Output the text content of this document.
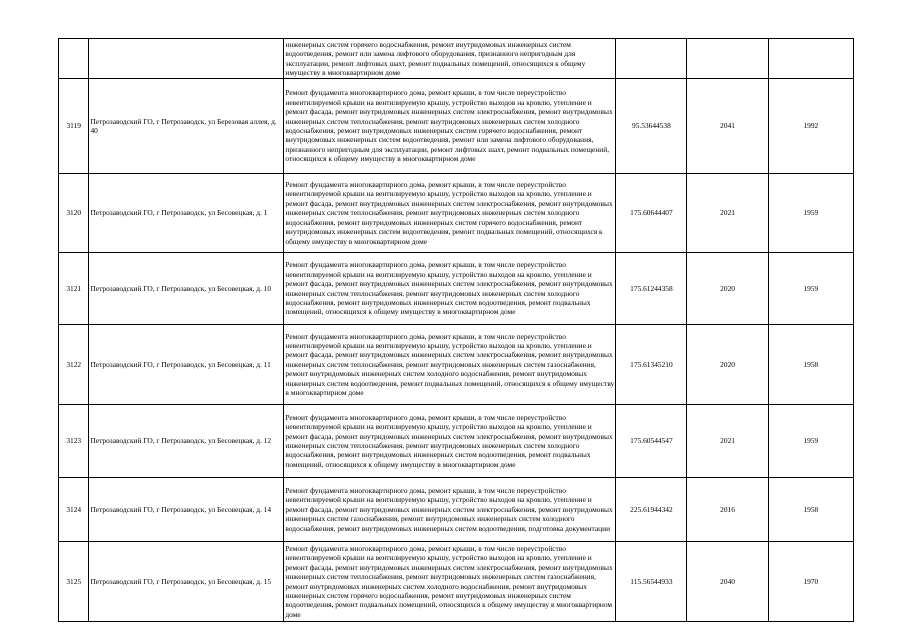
		инженерных систем горячего водоснабжения, ремонт внутридомовых инженерных систем водоотведения, ремонт или замена лифтового оборудования, признанного непригодным для эксплуатации, ремонт лифтовых шахт, ремонт подвальных помещений, относящихся к общему имуществу в многоквартирном доме			
3119	Петрозаводский ГО, г Петрозаводск, ул Березовая аллея, д. 40	Ремонт фундамента многоквартирного дома, ремонт крыши, в том числе переустройство невентилируемой крыши на вентилируемую крышу, устройство выходов на кровлю, утепление и ремонт фасада, ремонт внутридомовых инженерных систем электроснабжения, ремонт внутридомовых инженерных систем теплоснабжения, ремонт внутридомовых инженерных систем холодного водоснабжения, ремонт внутридомовых инженерных систем горячего водоснабжения, ремонт внутридомовых инженерных систем водоотведения, ремонт или замена лифтового оборудования, признанного непригодным для эксплуатации, ремонт лифтовых шахт, ремонт подвальных помещений, относящихся к общему имуществу в многоквартирном доме	95.53644538	2041	1992
3120	Петрозаводский ГО, г Петрозаводск, ул Бесовецкая, д. 1	Ремонт фундамента многоквартирного дома, ремонт крыши, в том числе переустройство невентилируемой крыши на вентилируемую крышу, устройство выходов на кровлю, утепление и ремонт фасада, ремонт внутридомовых инженерных систем электроснабжения, ремонт внутридомовых инженерных систем теплоснабжения, ремонт внутридомовых инженерных систем холодного водоснабжения, ремонт внутридомовых инженерных систем горячего водоснабжения, ремонт внутридомовых инженерных систем водоотведения, ремонт подвальных помещений, относящихся к общему имуществу в многоквартирном доме	175.60644407	2021	1959
3121	Петрозаводский ГО, г Петрозаводск, ул Бесовецкая, д. 10	Ремонт фундамента многоквартирного дома, ремонт крыши, в том числе переустройство невентилируемой крыши на вентилируемую крышу, устройство выходов на кровлю, утепление и ремонт фасада, ремонт внутридомовых инженерных систем электроснабжения, ремонт внутридомовых инженерных систем теплоснабжения, ремонт внутридомовых инженерных систем холодного водоснабжения, ремонт внутридомовых инженерных систем водоотведения, ремонт подвальных помещений, относящихся к общему имуществу в многоквартирном доме	175.61244358	2020	1959
3122	Петрозаводский ГО, г Петрозаводск, ул Бесовецкая, д. 11	Ремонт фундамента многоквартирного дома, ремонт крыши, в том числе переустройство невентилируемой крыши на вентилируемую крышу, устройство выходов на кровлю, утепление и ремонт фасада, ремонт внутридомовых инженерных систем электроснабжения, ремонт внутридомовых инженерных систем теплоснабжения, ремонт внутридомовых инженерных систем газоснабжения, ремонт внутридомовых инженерных систем холодного водоснабжения, ремонт внутридомовых инженерных систем водоотведения, ремонт подвальных помещений, относящихся к общему имуществу в многоквартирном доме	175.61345210	2020	1958
3123	Петрозаводский ГО, г Петрозаводск, ул Бесовецкая, д. 12	Ремонт фундамента многоквартирного дома, ремонт крыши, в том числе переустройство невентилируемой крыши на вентилируемую крышу, устройство выходов на кровлю, утепление и ремонт фасада, ремонт внутридомовых инженерных систем электроснабжения, ремонт внутридомовых инженерных систем теплоснабжения, ремонт внутридомовых инженерных систем холодного водоснабжения, ремонт внутридомовых инженерных систем водоотведения, ремонт подвальных помещений, относящихся к общему имуществу в многоквартирном доме	175.60544547	2021	1959
3124	Петрозаводский ГО, г Петрозаводск, ул Бесовецкая, д. 14	Ремонт фундамента многоквартирного дома, ремонт крыши, в том числе переустройство невентилируемой крыши на вентилируемую крышу, устройство выходов на кровлю, утепление и ремонт фасада, ремонт внутридомовых инженерных систем электроснабжения, ремонт внутридомовых инженерных систем газоснабжения, ремонт внутридомовых инженерных систем холодного водоснабжения, ремонт внутридомовых инженерных систем водоотведения, подготовка документации	225.61944342	2016	1958
3125	Петрозаводский ГО, г Петрозаводск, ул Бесовецкая, д. 15	Ремонт фундамента многоквартирного дома, ремонт крыши, в том числе переустройство невентилируемой крыши на вентилируемую крышу, устройство выходов на кровлю, утепление и ремонт фасада, ремонт внутридомовых инженерных систем электроснабжения, ремонт внутридомовых инженерных систем теплоснабжения, ремонт внутридомовых инженерных систем газоснабжения, ремонт внутридомовых инженерных систем холодного водоснабжения, ремонт внутридомовых инженерных систем горячего водоснабжения, ремонт внутридомовых инженерных систем водоотведения, ремонт подвальных помещений, относящихся к общему имуществу в многоквартирном доме	115.56544933	2040	1970
